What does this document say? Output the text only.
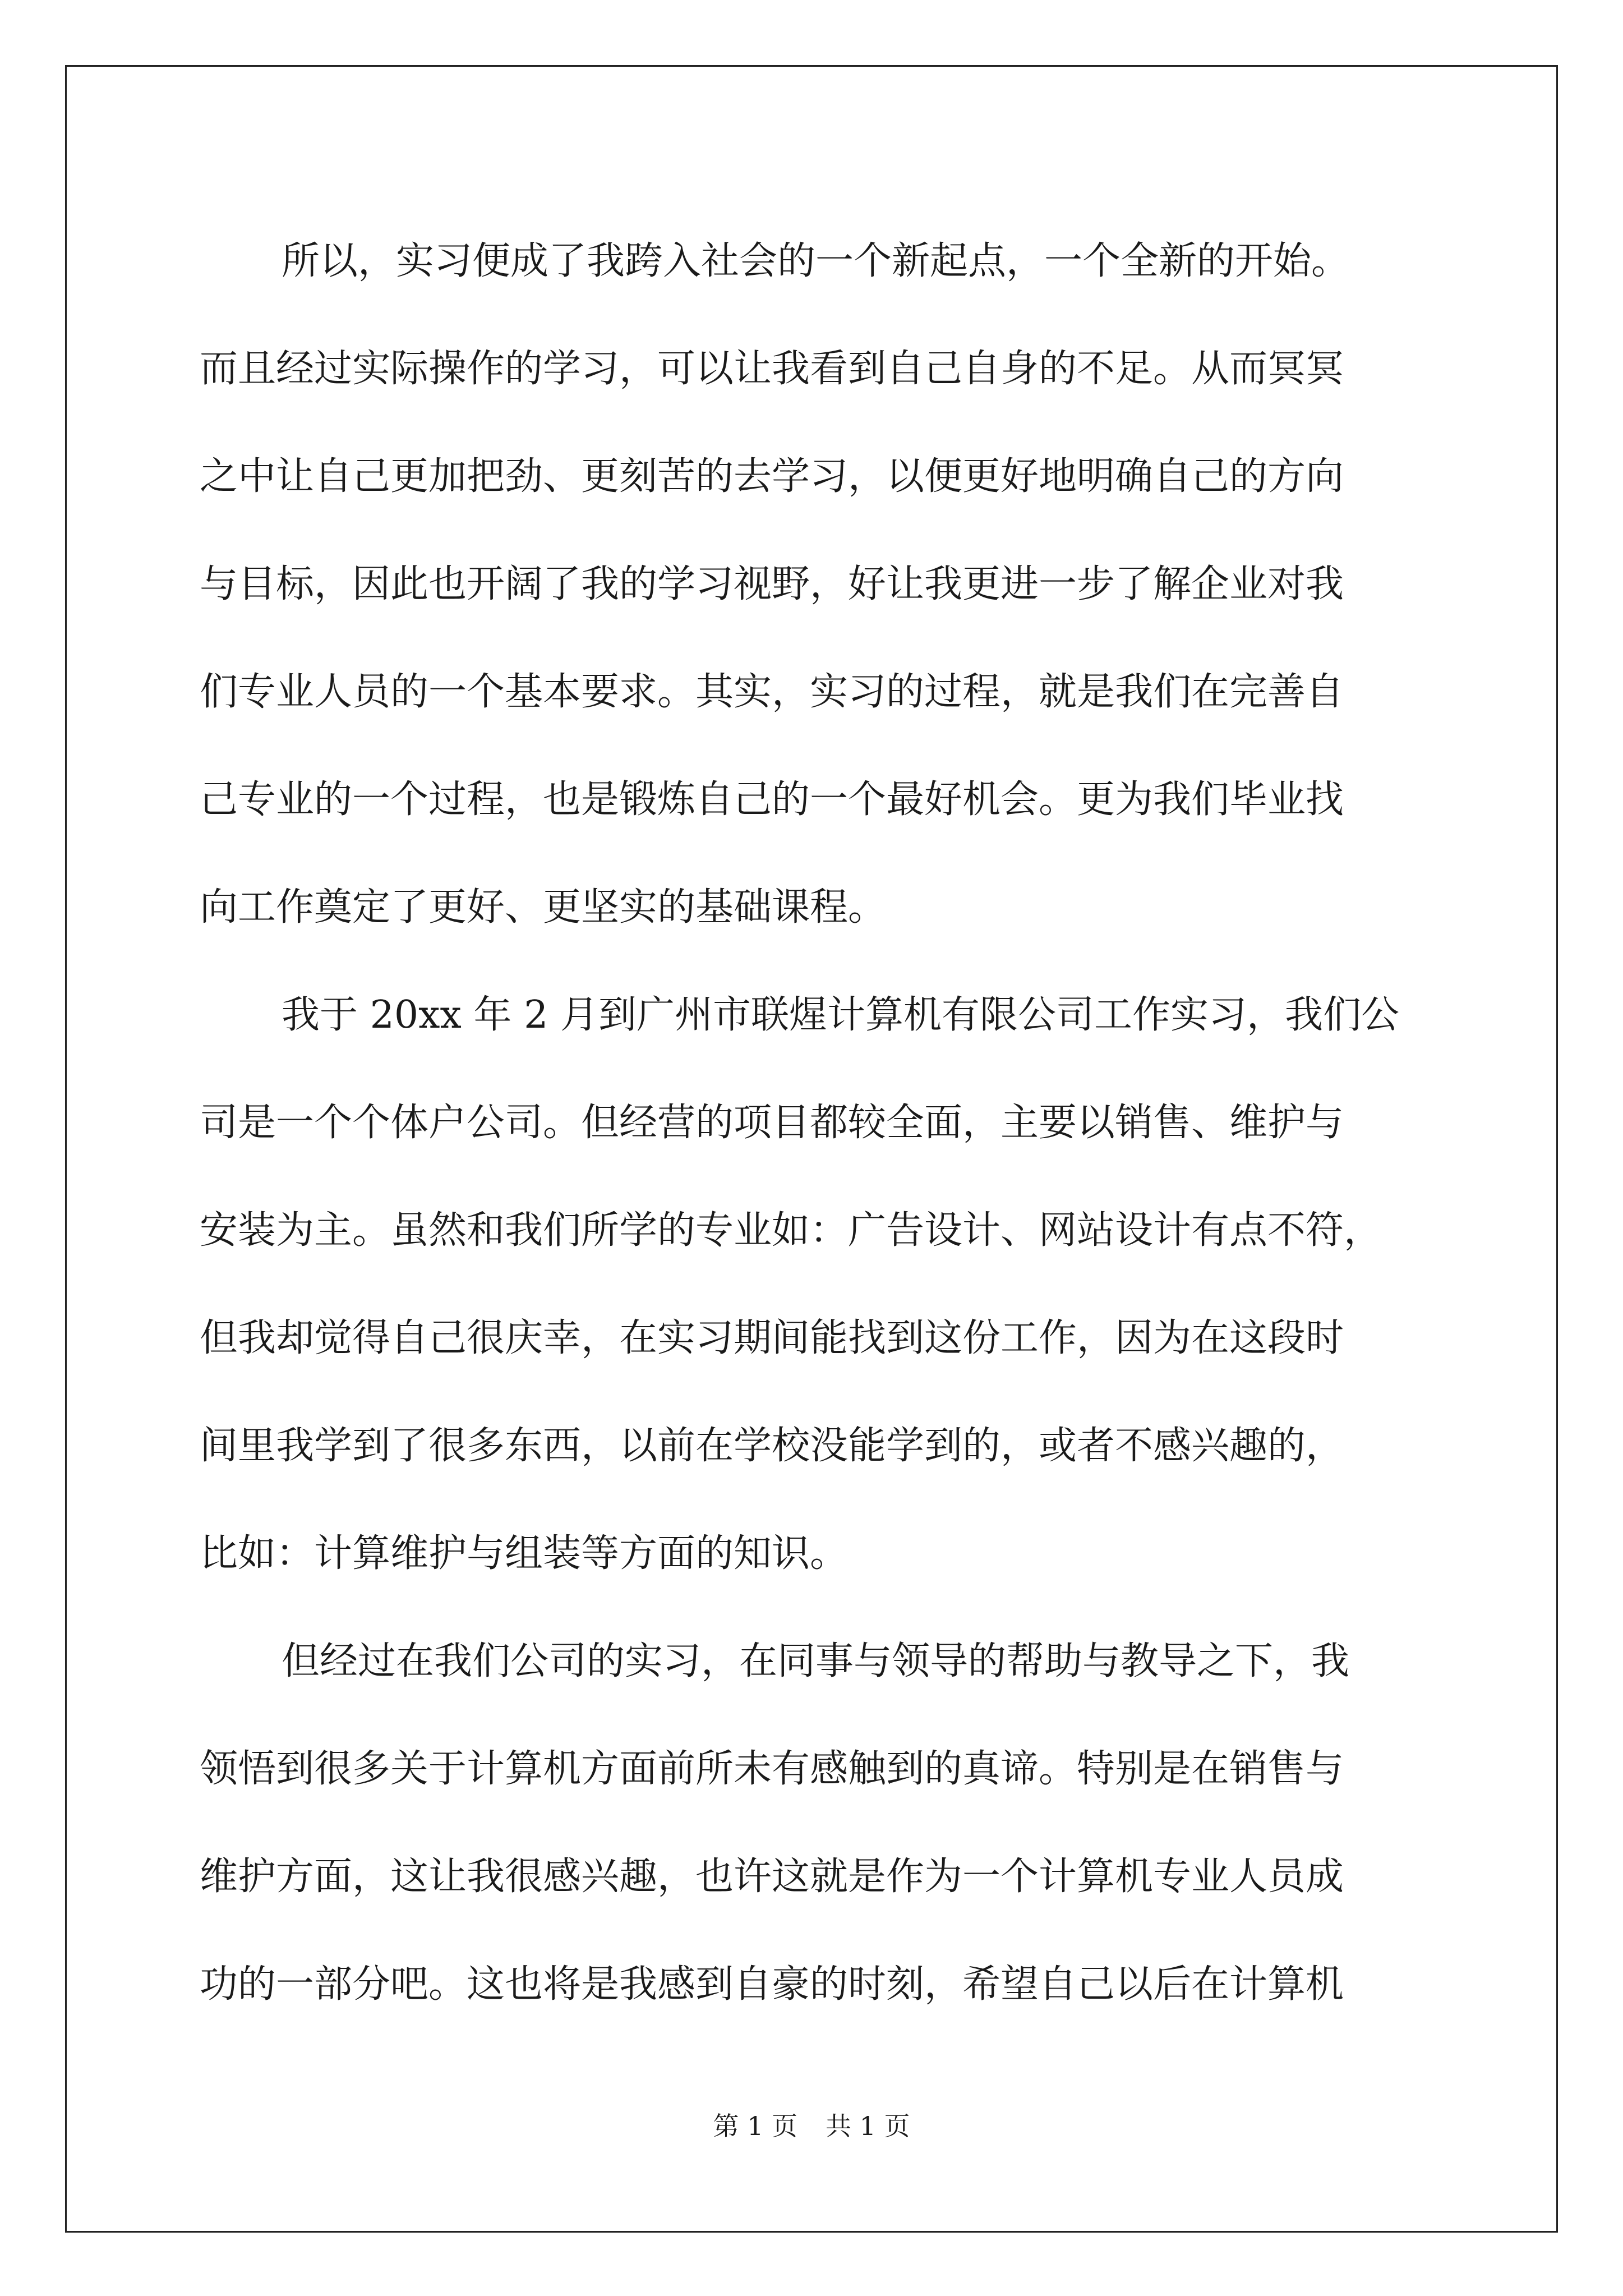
所以，实习便成了我跨入社会的一个新起点，一个全新的开始。
而且经过实际操作的学习，可以让我看到自己自身的不足。从而冥冥
之中让自己更加把劲、更刻苦的去学习，以便更好地明确自己的方向
与目标，因此也开阔了我的学习视野，好让我更进一步了解企业对我
们专业人员的一个基本要求。其实，实习的过程，就是我们在完善自
己专业的一个过程，也是锻炼自己的一个最好机会。更为我们毕业找
向工作奠定了更好、更坚实的基础课程。
我于 20xx 年 2 月到广州市联煋计算机有限公司工作实习，我们公
司是一个个体户公司。但经营的项目都较全面，主要以销售、维护与
安装为主。虽然和我们所学的专业如：广告设计、网站设计有点不符，
但我却觉得自己很庆幸，在实习期间能找到这份工作，因为在这段时
间里我学到了很多东西，以前在学校没能学到的，或者不感兴趣的，
比如：计算维护与组装等方面的知识。
但经过在我们公司的实习，在同事与领导的帮助与教导之下，我
领悟到很多关于计算机方面前所未有感触到的真谛。特别是在销售与
维护方面，这让我很感兴趣，也许这就是作为一个计算机专业人员成
功的一部分吧。这也将是我感到自豪的时刻，希望自己以后在计算机
第 1 页 共 1 页
